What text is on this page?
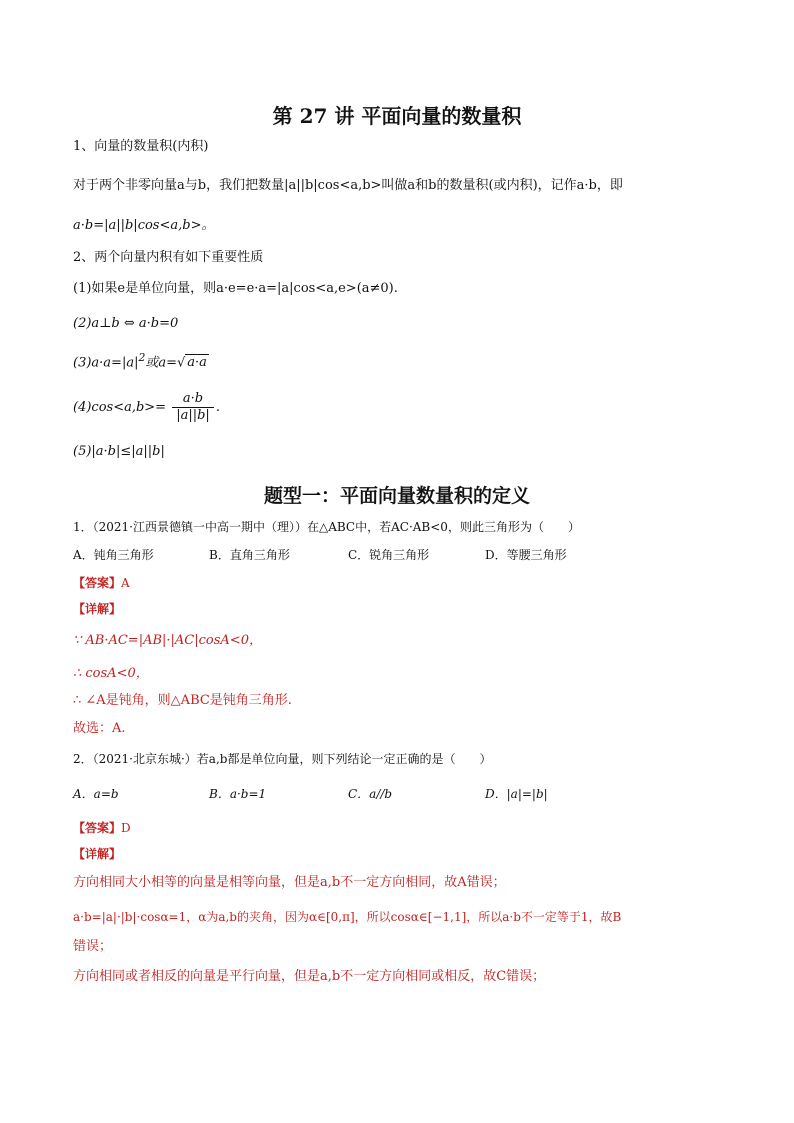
第 27 讲 平面向量的数量积
1、向量的数量积(内积)
对于两个非零向量a与b，我们把数量|a||b|cos<a,b>叫做a和b的数量积(或内积)，记作a·b，即
a·b=|a||b|cos<a,b>。
2、两个向量内积有如下重要性质
(1)如果e是单位向量，则a·e=e·a=|a|cos<a,e>(a≠0).
(2)a⊥b ⇔ a·b=0
$(3)a\cdot a=|a|^2$或a=√ a·a
$(4)\cos<a,b>= \frac{a\cdot b}{|a||b|}$ .
(5)|a·b|≤|a||b|
题型一：平面向量数量积的定义
1．（2021·江西景德镇一中高一期中（理））在△ABC中，若AC·AB<0，则此三角形为（　　）
A．钝角三角形	B．直角三角形	C．锐角三角形	D．等腰三角形
【答案】A
【详解】
∵ AB·AC=|AB|·|AC|cosA<0，
∴ cosA<0，
∴ ∠A是钝角，则△ABC是钝角三角形.
故选：A.
2．（2021·北京东城·）若a,b都是单位向量，则下列结论一定正确的是（　　）
A．a=b	B．a·b=1	C．a//b	D．|a|=|b|
【答案】D
【详解】
方向相同大小相等的向量是相等向量，但是a,b不一定方向相同，故A错误；
a·b=|a|·|b|·cosα=1，α为a,b的夹角，因为α∈[0,π]，所以cosα∈[−1,1]，所以a·b不一定等于1，故B
错误；
方向相同或者相反的向量是平行向量，但是a,b不一定方向相同或相反，故C错误；
